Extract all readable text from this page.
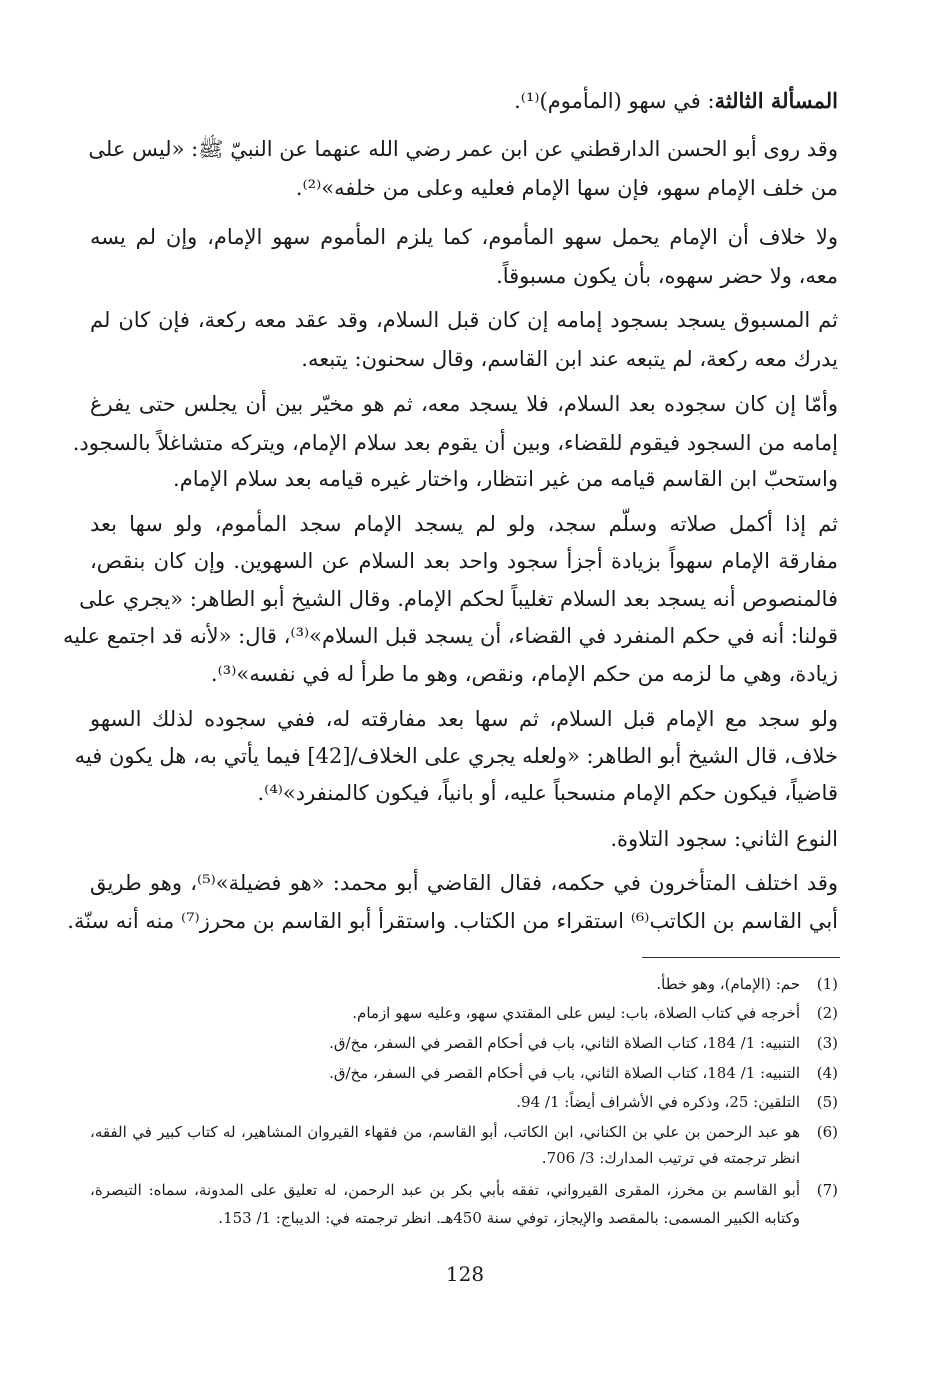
المسألة الثالثة: في سهو (المأموم)⁽¹⁾.
وقد روى أبو الحسن الدارقطني عن ابن عمر رضي الله عنهما عن النبيّ ﷺ: «ليس على
من خلف الإمام سهو، فإن سها الإمام فعليه وعلى من خلفه»⁽²⁾.
ولا خلاف أن الإمام يحمل سهو المأموم، كما يلزم المأموم سهو الإمام، وإن لم يسه
معه، ولا حضر سهوه، بأن يكون مسبوقاً.
ثم المسبوق يسجد بسجود إمامه إن كان قبل السلام، وقد عقد معه ركعة، فإن كان لم
يدرك معه ركعة، لم يتبعه عند ابن القاسم، وقال سحنون: يتبعه.
وأمّا إن كان سجوده بعد السلام، فلا يسجد معه، ثم هو مخيّر بين أن يجلس حتى يفرغ
إمامه من السجود فيقوم للقضاء، وبين أن يقوم بعد سلام الإمام، ويتركه متشاغلاً بالسجود.
واستحبّ ابن القاسم قيامه من غير انتظار، واختار غيره قيامه بعد سلام الإمام.
ثم إذا أكمل صلاته وسلّم سجد، ولو لم يسجد الإمام سجد المأموم، ولو سها بعد
مفارقة الإمام سهواً بزيادة أجزأ سجود واحد بعد السلام عن السهوين. وإن كان بنقص،
فالمنصوص أنه يسجد بعد السلام تغليباً لحكم الإمام. وقال الشيخ أبو الطاهر: «يجري على
قولنا: أنه في حكم المنفرد في القضاء، أن يسجد قبل السلام»⁽³⁾، قال: «لأنه قد اجتمع عليه
زيادة، وهي ما لزمه من حكم الإمام، ونقص، وهو ما طرأ له في نفسه»⁽³⁾.
ولو سجد مع الإمام قبل السلام، ثم سها بعد مفارقته له، ففي سجوده لذلك السهو
خلاف، قال الشيخ أبو الطاهر: «ولعله يجري على الخلاف/[42] فيما يأتي به، هل يكون فيه
قاضياً، فيكون حكم الإمام منسحباً عليه، أو بانياً، فيكون كالمنفرد»⁽⁴⁾.
النوع الثاني: سجود التلاوة.
وقد اختلف المتأخرون في حكمه، فقال القاضي أبو محمد: «هو فضيلة»⁽⁵⁾، وهو طريق
أبي القاسم بن الكاتب⁽⁶⁾ استقراء من الكتاب. واستقرأ أبو القاسم بن محرز⁽⁷⁾ منه أنه سنّة.
(1)
حم: (الإمام)، وهو خطأ.
(2)
أخرجه في كتاب الصلاة، باب: ليس على المقتدي سهو، وعليه سهو ازمام.
(3)
التنبيه: 1/ 184، كتاب الصلاة الثاني، باب في أحكام القصر في السفر، مخ/ق.
(4)
التنبيه: 1/ 184، كتاب الصلاة الثاني، باب في أحكام القصر في السفر، مخ/ق.
(5)
التلقين: 25، وذكره في الأشراف أيضاً: 1/ 94.
(6)
هو عبد الرحمن بن علي بن الكناني، ابن الكاتب، أبو القاسم، من فقهاء القيروان المشاهير، له كتاب كبير في الفقه،
انظر ترجمته في ترتيب المدارك: 3/ 706.
(7)
أبو القاسم بن مخرز، المقرى القيرواني، تفقه بأبي بكر بن عبد الرحمن، له تعليق على المدونة، سماه: التبصرة،
وكتابه الكبير المسمى: بالمقصد والإيجاز، توفي سنة 450هـ. انظر ترجمته في: الديباج: 1/ 153.
128
